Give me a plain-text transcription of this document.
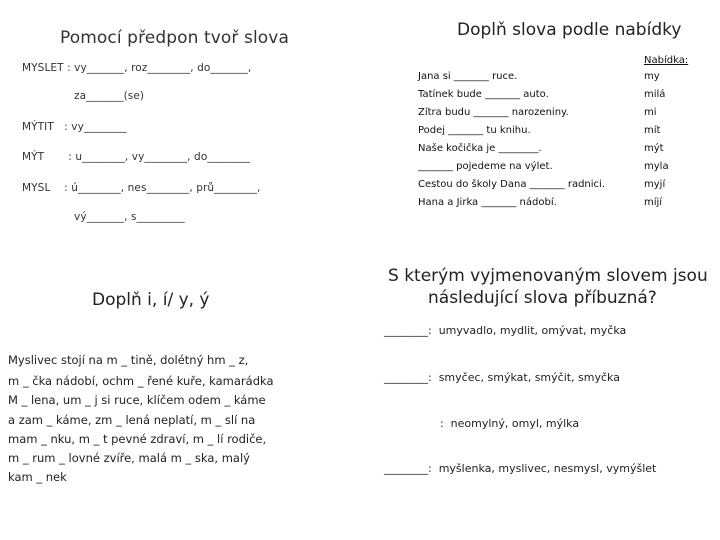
Pomocí předpon tvoř slova
MYSLET : vy_______, roz________, do_______,
za_______(se)
MÝTIT   : vy________
MÝT       : u________, vy________, do________
MYSL    : ú________, nes________, prů________,
vý_______, s_________
Doplň slova podle nabídky
Nabídka:
Jana si _______ ruce.
Tatínek bude _______ auto.
Zítra budu _______ narozeniny.
Podej _______ tu knihu.
Naše kočička je ________.
_______ pojedeme na výlet.
Cestou do školy Dana _______ radnici.
Hana a Jirka _______ nádobí.
my
milá
mi
mít
mýt
myla
myjí
míjí
Doplň i, í/ y, ý
Myslivec stojí na m _ tině, dolétný hm _ z,
m _ čka nádobí, ochm _ řené kuře, kamarádka
M _ lena, um _ j si ruce, klíčem odem _ káme
a zam _ káme, zm _ lená neplatí, m _ slí na
mam _ nku, m _ t pevné zdraví, m _ lí rodiče,
m _ rum _ lovné zvíře, malá m _ ska, malý
kam _ nek
S kterým vyjmenovaným slovem jsou
následující slova příbuzná?
________:  umyvadlo, mydlit, omývat, myčka
________:  smyčec, smýkat, smýčit, smyčka
:  neomylný, omyl, mýlka
________:  myšlenka, myslivec, nesmysl, vymýšlet
